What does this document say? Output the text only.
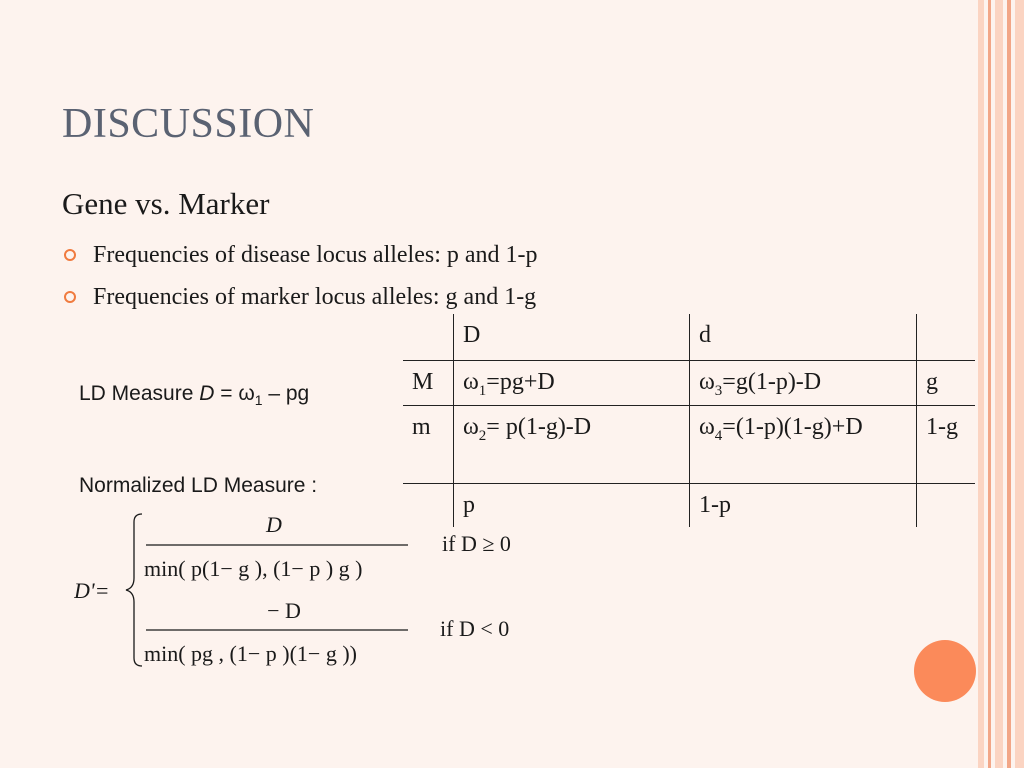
DISCUSSION
Gene vs. Marker
Frequencies of disease locus alleles: p and 1-p
Frequencies of marker locus alleles: g and 1-g
LD Measure $D = \omega_1$ – pg
Normalized LD Measure :
	D	d	
M	$\omega_1=pg+D$	$\omega_3=g(1-p)-D$	g
m	$\omega_2= p(1-g)-D$	$\omega_4=(1-p)(1-g)+D$	1-g
	p	1-p	
D'=
D
min( p(1− g ), (1− p ) g )
if D ≥ 0
− D
min( pg , (1− p )(1− g ))
if D < 0
